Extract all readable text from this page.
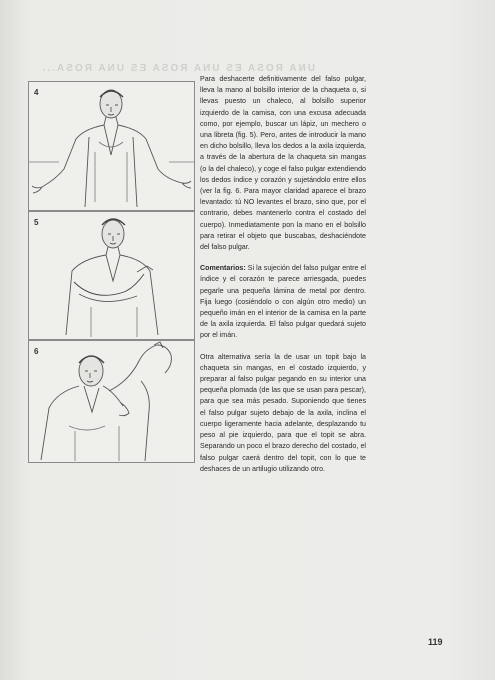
UNA ROSA ES UNA ROSA ES UNA ROSA...
4
5
6

Para deshacerte definitivamente del falso pulgar, lleva la mano al bolsillo interior de la chaqueta o, si llevas puesto un chaleco, al bolsillo superior izquierdo de la camisa, con una excusa adecuada como, por ejemplo, buscar un lápiz, un mechero o una libreta (fig. 5). Pero, antes de introducir la mano en dicho bolsillo, lleva los dedos a la axila izquierda, a través de la abertura de la chaqueta sin mangas (o la del chaleco), y coge el falso pulgar extendiendo los dedos índice y corazón y sujetándolo entre ellos (ver la fig. 6. Para mayor claridad aparece el brazo levantado: tú NO levantes el brazo, sino que, por el contrario, debes mantenerlo contra el costado del cuerpo). Inmediatamente pon la mano en el bolsillo para retirar el objeto que buscabas, deshaciéndote del falso pulgar.

Comentarios: Si la sujeción del falso pulgar entre el índice y el corazón te parece arriesgada, puedes pegarle una pequeña lámina de metal por dentro. Fija luego (cosiéndolo o con algún otro medio) un pequeño imán en el interior de la camisa en la parte de la axila izquierda. El falso pulgar quedará sujeto por el imán.

Otra alternativa sería la de usar un topit bajo la chaqueta sin mangas, en el costado izquierdo, y preparar al falso pulgar pegando en su interior una pequeña plomada (de las que se usan para pescar), para que sea más pesado. Suponiendo que tienes el falso pulgar sujeto debajo de la axila, inclina el cuerpo ligeramente hacia adelante, desplazando tu peso al pie izquierdo, para que el topit se abra. Separando un poco el brazo derecho del costado, el falso pulgar caerá dentro del topit, con lo que te deshaces de un artilugio utilizando otro.

119
